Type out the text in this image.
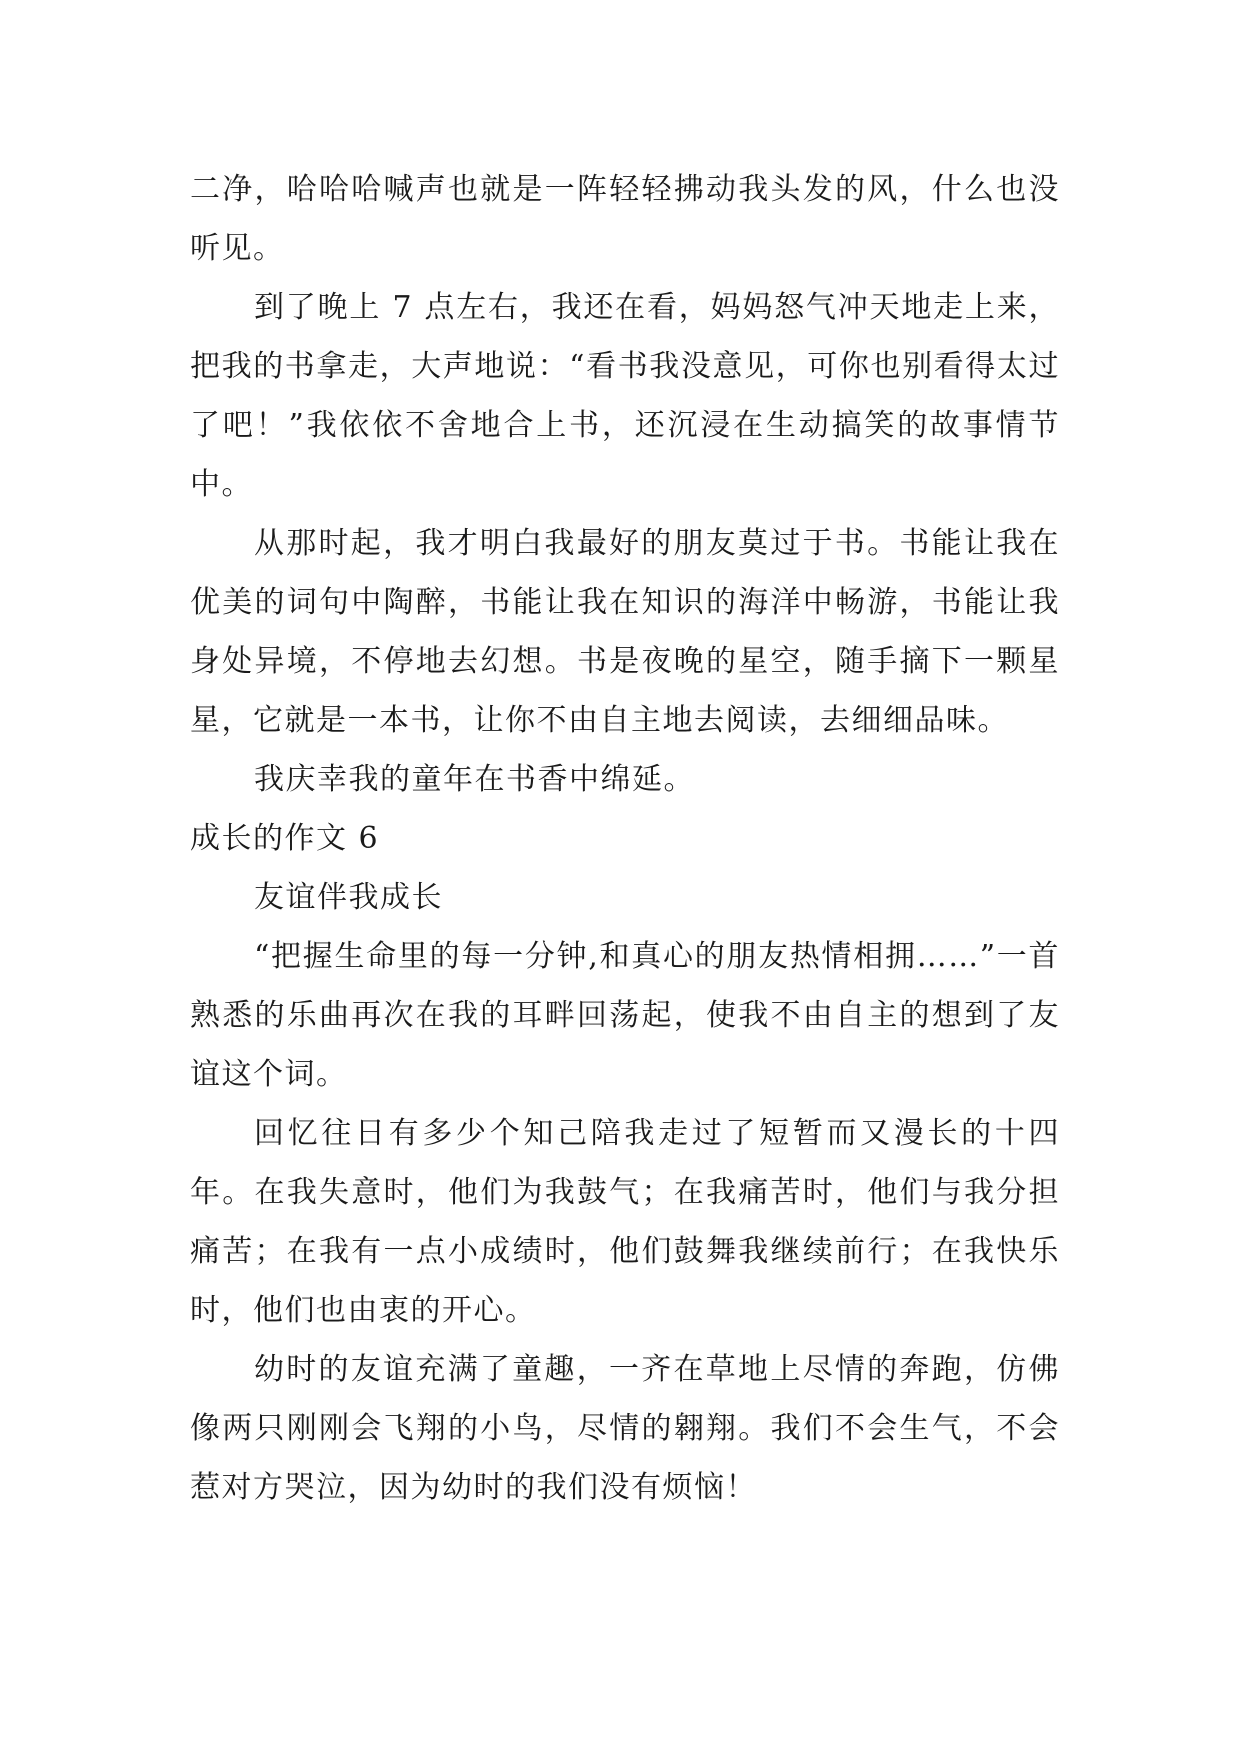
二净，哈哈哈喊声也就是一阵轻轻拂动我头发的风，什么也没听见。

到了晚上 7 点左右，我还在看，妈妈怒气冲天地走上来，把我的书拿走，大声地说：“看书我没意见，可你也别看得太过了吧！”我依依不舍地合上书，还沉浸在生动搞笑的故事情节中。

从那时起，我才明白我最好的朋友莫过于书。书能让我在优美的词句中陶醉，书能让我在知识的海洋中畅游，书能让我身处异境，不停地去幻想。书是夜晚的星空，随手摘下一颗星星，它就是一本书，让你不由自主地去阅读，去细细品味。

我庆幸我的童年在书香中绵延。

成长的作文 6

友谊伴我成长

“把握生命里的每一分钟,和真心的朋友热情相拥……”一首熟悉的乐曲再次在我的耳畔回荡起，使我不由自主的想到了友谊这个词。

回忆往日有多少个知己陪我走过了短暂而又漫长的十四年。在我失意时，他们为我鼓气；在我痛苦时，他们与我分担痛苦；在我有一点小成绩时，他们鼓舞我继续前行；在我快乐时，他们也由衷的开心。

幼时的友谊充满了童趣，一齐在草地上尽情的奔跑，仿佛像两只刚刚会飞翔的小鸟，尽情的翱翔。我们不会生气，不会惹对方哭泣，因为幼时的我们没有烦恼！
